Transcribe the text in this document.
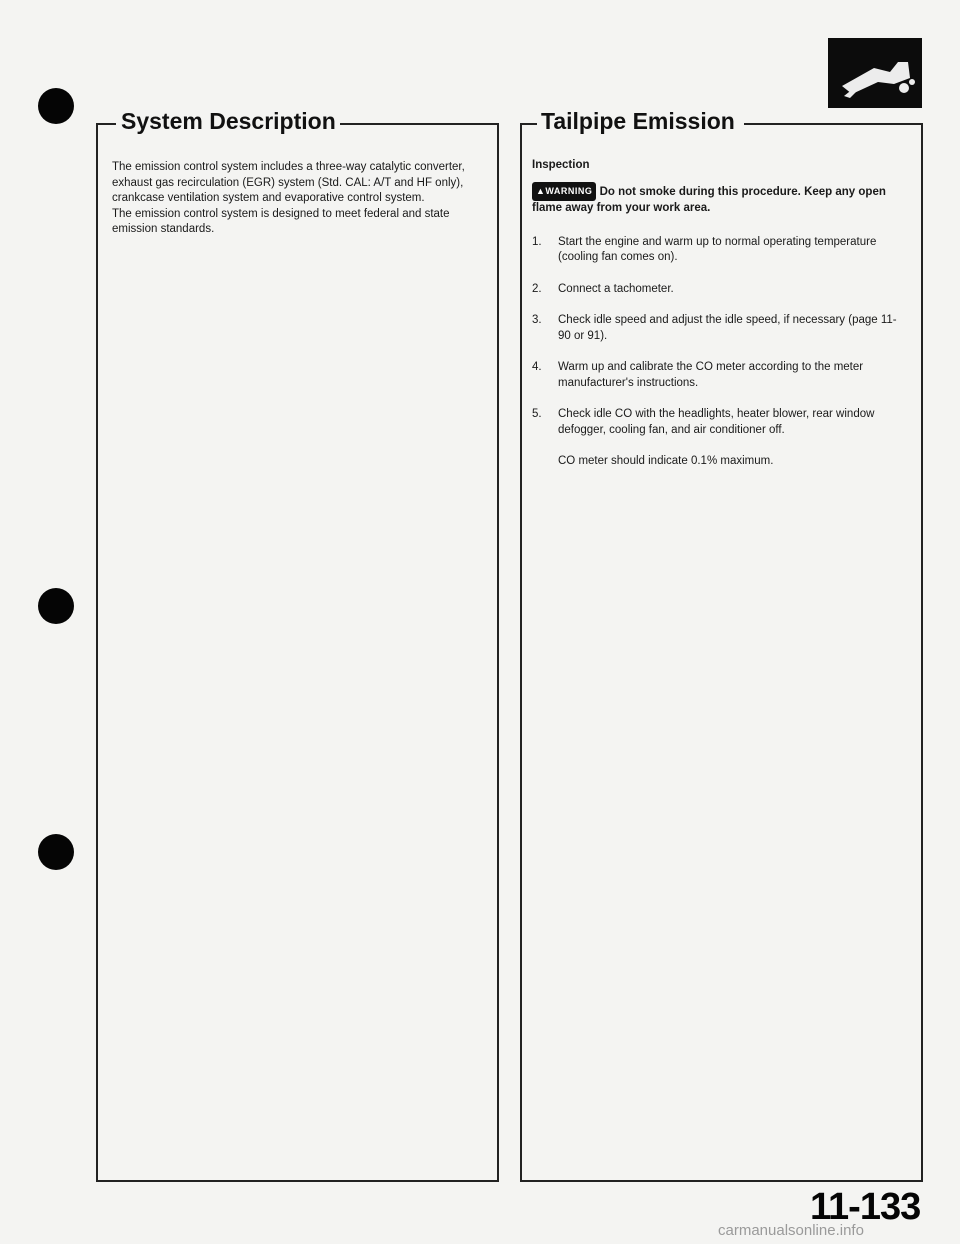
System Description
The emission control system includes a three-way catalytic converter, exhaust gas recirculation (EGR) system (Std. CAL: A/T and HF only), crankcase ventilation system and evaporative control system.
The emission control system is designed to meet federal and state emission standards.
Tailpipe Emission
Inspection
▲WARNING Do not smoke during this procedure. Keep any open flame away from your work area.
1.	Start the engine and warm up to normal operating temperature (cooling fan comes on).
2.	Connect a tachometer.
3.	Check idle speed and adjust the idle speed, if necessary (page 11-90 or 91).
4.	Warm up and calibrate the CO meter according to the meter manufacturer's instructions.
5.	Check idle CO with the headlights, heater blower, rear window defogger, cooling fan, and air conditioner off.
CO meter should indicate 0.1% maximum.
11-133
carmanualsonline.info
